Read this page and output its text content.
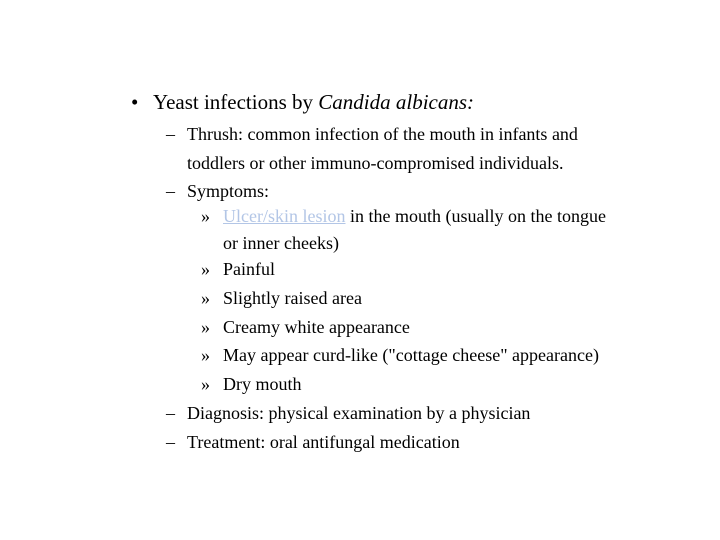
• Yeast infections by Candida albicans:
– Thrush: common infection of the mouth in infants and
toddlers or other immuno-compromised individuals.
– Symptoms:
» Ulcer/skin lesion in the mouth (usually on the tongue
or inner cheeks)
» Painful
» Slightly raised area
» Creamy white appearance
» May appear curd-like ("cottage cheese" appearance)
» Dry mouth
– Diagnosis: physical examination by a physician
– Treatment: oral antifungal medication
